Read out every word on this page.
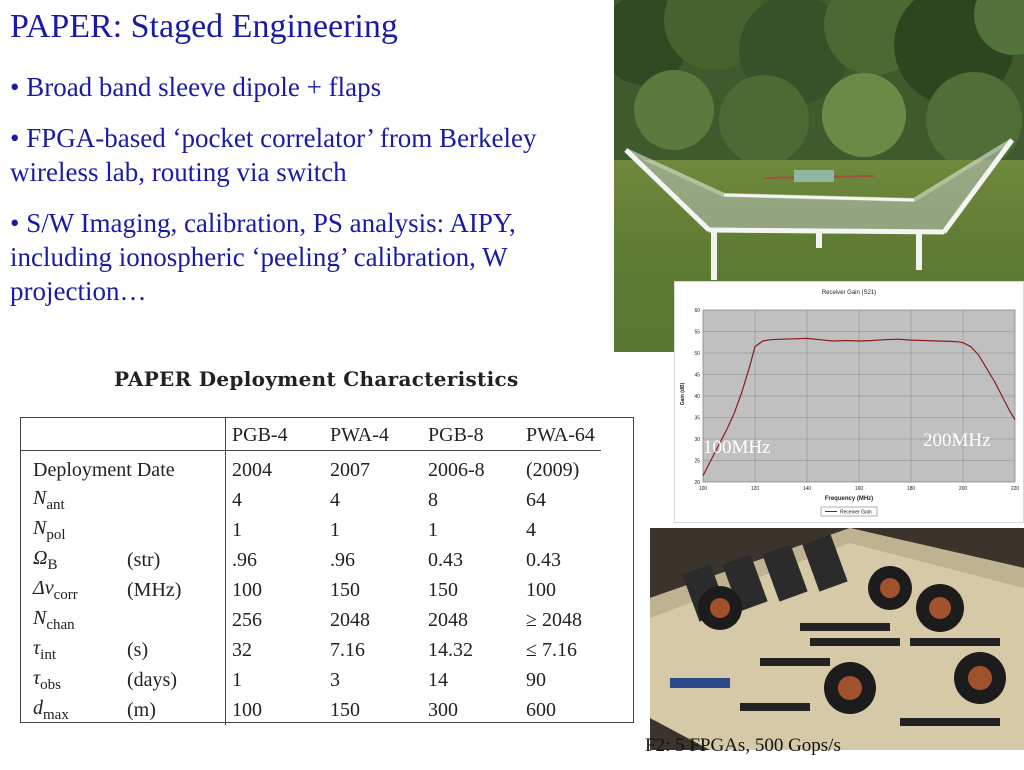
PAPER: Staged Engineering

• Broad band sleeve dipole + flaps

• FPGA-based ‘pocket correlator’ from Berkeley wireless lab, routing via switch

• S/W Imaging, calibration, PS analysis: AIPY, including ionospheric ‘peeling’ calibration, W projection…	Receiver Gain (S21)
20
25
30
35
40
45
50
55
60
100	120	140	160	180	200	220
Frequency (MHz)
Gain (dB)
Receiver Gain
100MHz	200MHz
F2: 5 FPGAs, 500 Gops/s
PAPER Deployment Characteristics
		PGB-4	PWA-4	PGB-8	PWA-64
Deployment Date		2004	2007	2006-8	(2009)
$N_{ant}$		4	4	8	64
$N_{pol}$		1	1	1	4
$\Omega_B$	(str)	.96	.96	0.43	0.43
$\Delta\nu_{corr}$	(MHz)	100	150	150	100
$N_{chan}$		256	2048	2048	≥ 2048
$\tau_{int}$	(s)	32	7.16	14.32	≤ 7.16
$\tau_{obs}$	(days)	1	3	14	90
$d_{max}$	(m)	100	150	300	600
